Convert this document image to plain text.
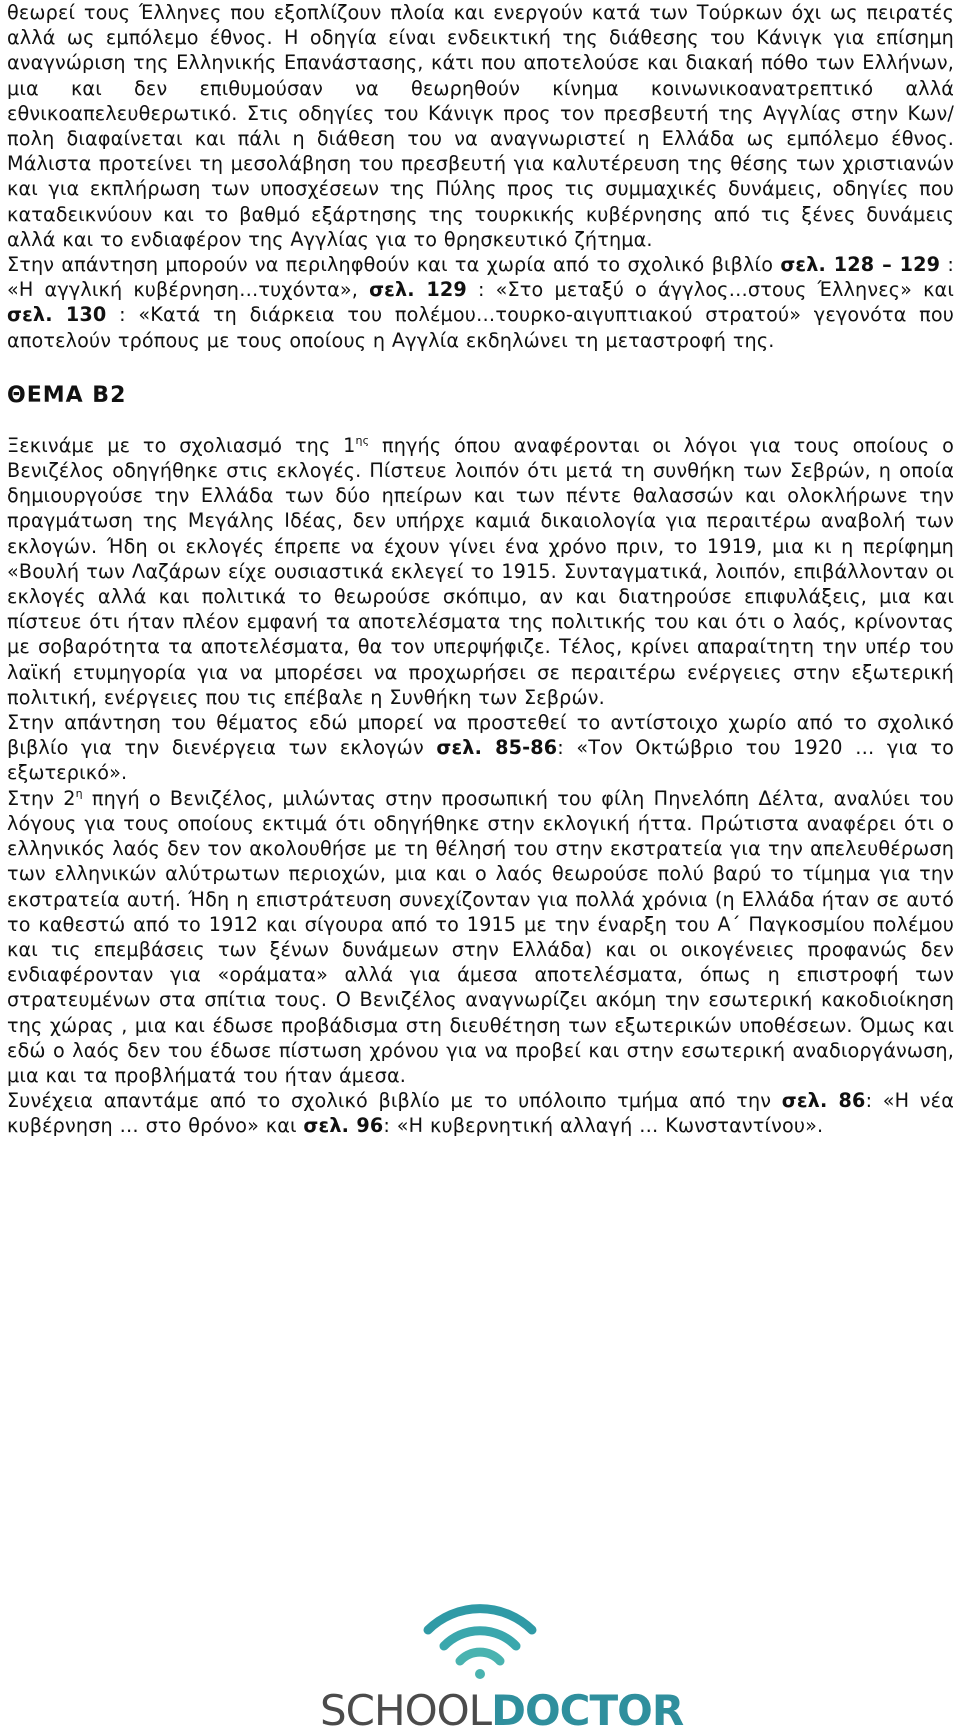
θεωρεί τους Έλληνες που εξοπλίζουν πλοία και ενεργούν κατά των Τούρκων όχι ως πειρατές αλλά ως εμπόλεμο έθνος. Η οδηγία είναι ενδεικτική της διάθεσης του Κάνιγκ για επίσημη αναγνώριση της Ελληνικής Επανάστασης, κάτι που αποτελούσε και διακαή πόθο των Ελλήνων, μια και δεν επιθυμούσαν να θεωρηθούν κίνημα κοινωνικοανατρεπτικό αλλά εθνικοαπελευθερωτικό. Στις οδηγίες του Κάνιγκ προς τον πρεσβευτή της Αγγλίας στην Κων/πολη διαφαίνεται και πάλι η διάθεση του να αναγνωριστεί η Ελλάδα ως εμπόλεμο έθνος. Μάλιστα προτείνει τη μεσολάβηση του πρεσβευτή για καλυτέρευση της θέσης των χριστιανών και για εκπλήρωση των υποσχέσεων της Πύλης προς τις συμμαχικές δυνάμεις, οδηγίες που καταδεικνύουν και το βαθμό εξάρτησης της τουρκικής κυβέρνησης από τις ξένες δυνάμεις αλλά και το ενδιαφέρον της Αγγλίας για το θρησκευτικό ζήτημα.

Στην απάντηση μπορούν να περιληφθούν και τα χωρία από το σχολικό βιβλίο σελ. 128 – 129 : «Η αγγλική κυβέρνηση…τυχόντα», σελ. 129 : «Στο μεταξύ ο άγγλος…στους Έλληνες» και σελ. 130 : «Κατά τη διάρκεια του πολέμου…τουρκο-αιγυπτιακού στρατού» γεγονότα που αποτελούν τρόπους με τους οποίους η Αγγλία εκδηλώνει τη μεταστροφή της.

ΘΕΜΑ Β2

Ξεκινάμε με το σχολιασμό της $1^{\eta\varsigma}$ πηγής όπου αναφέρονται οι λόγοι για τους οποίους ο Βενιζέλος οδηγήθηκε στις εκλογές. Πίστευε λοιπόν ότι μετά τη συνθήκη των Σεβρών, η οποία δημιουργούσε την Ελλάδα των δύο ηπείρων και των πέντε θαλασσών και ολοκλήρωνε την πραγμάτωση της Μεγάλης Ιδέας, δεν υπήρχε καμιά δικαιολογία για περαιτέρω αναβολή των εκλογών. Ήδη οι εκλογές έπρεπε να έχουν γίνει ένα χρόνο πριν, το 1919, μια κι η περίφημη «Βουλή των Λαζάρων είχε ουσιαστικά εκλεγεί το 1915. Συνταγματικά, λοιπόν, επιβάλλονταν οι εκλογές αλλά και πολιτικά το θεωρούσε σκόπιμο, αν και διατηρούσε επιφυλάξεις, μια και πίστευε ότι ήταν πλέον εμφανή τα αποτελέσματα της πολιτικής του και ότι ο λαός, κρίνοντας με σοβαρότητα τα αποτελέσματα, θα τον υπερψήφιζε. Τέλος, κρίνει απαραίτητη την υπέρ του λαϊκή ετυμηγορία για να μπορέσει να προχωρήσει σε περαιτέρω ενέργειες στην εξωτερική πολιτική, ενέργειες που τις επέβαλε η Συνθήκη των Σεβρών.

Στην απάντηση του θέματος εδώ μπορεί να προστεθεί το αντίστοιχο χωρίο από το σχολικό βιβλίο για την διενέργεια των εκλογών σελ. 85-86: «Τον Οκτώβριο του 1920 … για το εξωτερικό».

Στην $2^\eta$ πηγή ο Βενιζέλος, μιλώντας στην προσωπική του φίλη Πηνελόπη Δέλτα, αναλύει του λόγους για τους οποίους εκτιμά ότι οδηγήθηκε στην εκλογική ήττα. Πρώτιστα αναφέρει ότι ο ελληνικός λαός δεν τον ακολουθήσε με τη θέλησή του στην εκστρατεία για την απελευθέρωση των ελληνικών αλύτρωτων περιοχών, μια και ο λαός θεωρούσε πολύ βαρύ το τίμημα για την εκστρατεία αυτή. Ήδη η επιστράτευση συνεχίζονταν για πολλά χρόνια (η Ελλάδα ήταν σε αυτό το καθεστώ από το 1912 και σίγουρα από το 1915 με την έναρξη του Α΄ Παγκοσμίου πολέμου και τις επεμβάσεις των ξένων δυνάμεων στην Ελλάδα) και οι οικογένειες προφανώς δεν ενδιαφέρονταν για «οράματα» αλλά για άμεσα αποτελέσματα, όπως η επιστροφή των στρατευμένων στα σπίτια τους. Ο Βενιζέλος αναγνωρίζει ακόμη την εσωτερική κακοδιοίκηση της χώρας , μια και έδωσε προβάδισμα στη διευθέτηση των εξωτερικών υποθέσεων. Όμως και εδώ ο λαός δεν του έδωσε πίστωση χρόνου για να προβεί και στην εσωτερική αναδιοργάνωση, μια και τα προβλήματά του ήταν άμεσα.

Συνέχεια απαντάμε από το σχολικό βιβλίο με το υπόλοιπο τμήμα από την σελ. 86: «Η νέα κυβέρνηση … στο θρόνο» και σελ. 96: «Η κυβερνητική αλλαγή … Κωνσταντίνου».

SCHOOLDOCTOR
